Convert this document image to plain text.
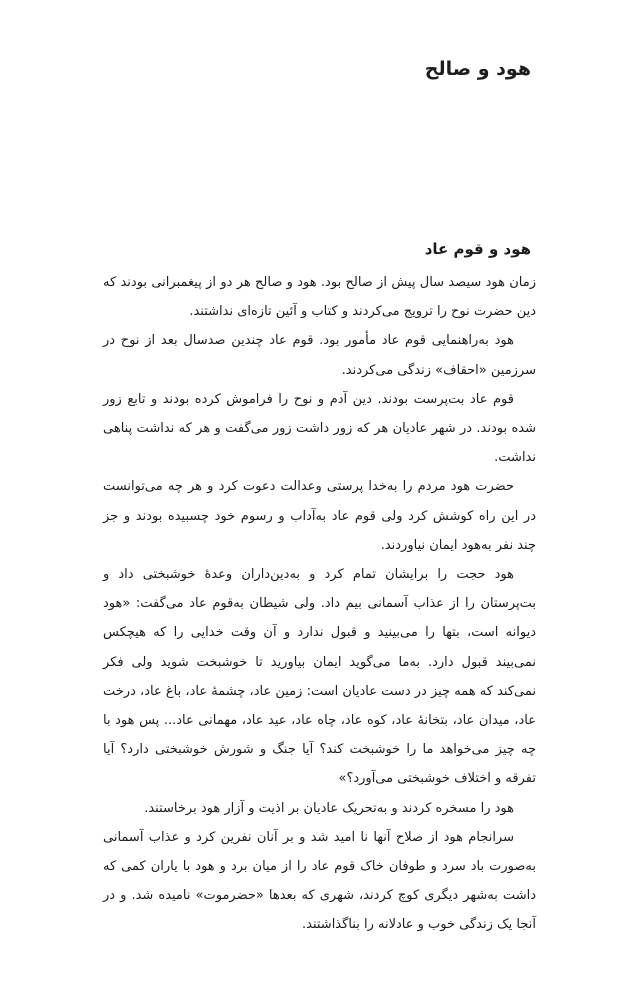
هود و صالح
هود و قوم عاد

زمان هود سیصد سال پیش از صالح بود. هود و صالح هر دو از پیغمبرانی بودند که دین حضرت نوح را ترویج می‌کردند و کتاب و آئین تازه‌ای نداشتند.

هود به‌راهنمایی قوم عاد مأمور بود. قوم عاد چندین صدسال بعد از نوح در سرزمین «احقاف» زندگی می‌کردند.

قوم عاد بت‌پرست بودند. دین آدم و نوح را فراموش کرده بودند و تابع زور شده بودند. در شهر عادیان هر که زور داشت زور می‌گفت و هر که نداشت پناهی نداشت.

حضرت هود مردم را به‌خدا پرستی وعدالت دعوت کرد و هر چه می‌توانست در این راه کوشش کرد ولی قوم عاد به‌آداب و رسوم خود چسبیده بودند و جز چند نفر به‌هود ایمان نیاوردند.

هود حجت را برایشان تمام کرد و به‌دین‌داران وعدهٔ خوشبختی داد و بت‌پرستان را از عذاب آسمانی بیم داد. ولی شیطان به‌قوم عاد می‌گفت: «هود دیوانه است، بتها را می‌بینید و قبول ندارد و آن وقت خدایی را که هیچکس نمی‌بیند قبول دارد. به‌ما می‌گوید ایمان بیاورید تا خوشبخت شوید ولی فکر نمی‌کند که همه چیز در دست عادیان است: زمین عاد، چشمهٔ عاد، باغ عاد، درخت عاد، میدان عاد، بتخانهٔ عاد، کوه عاد، چاه عاد، عید عاد، مهمانی عاد... پس هود با چه چیز می‌خواهد ما را خوشبخت کند؟ آیا جنگ و شورش خوشبختی دارد؟ آیا تفرقه و اختلاف خوشبختی می‌آورد؟»

هود را مسخره کردند و به‌تحریک عادیان بر اذیت و آزار هود برخاستند.

سرانجام هود از صلاح آنها نا امید شد و بر آنان نفرین کرد و عذاب آسمانی به‌صورت باد سرد و طوفان خاک قوم عاد را از میان برد و هود با یاران کمی که داشت به‌شهر دیگری کوچ کردند، شهری که بعدها «حضرموت» نامیده شد. و در آنجا یک زندگی خوب و عادلانه را بناگذاشتند.
